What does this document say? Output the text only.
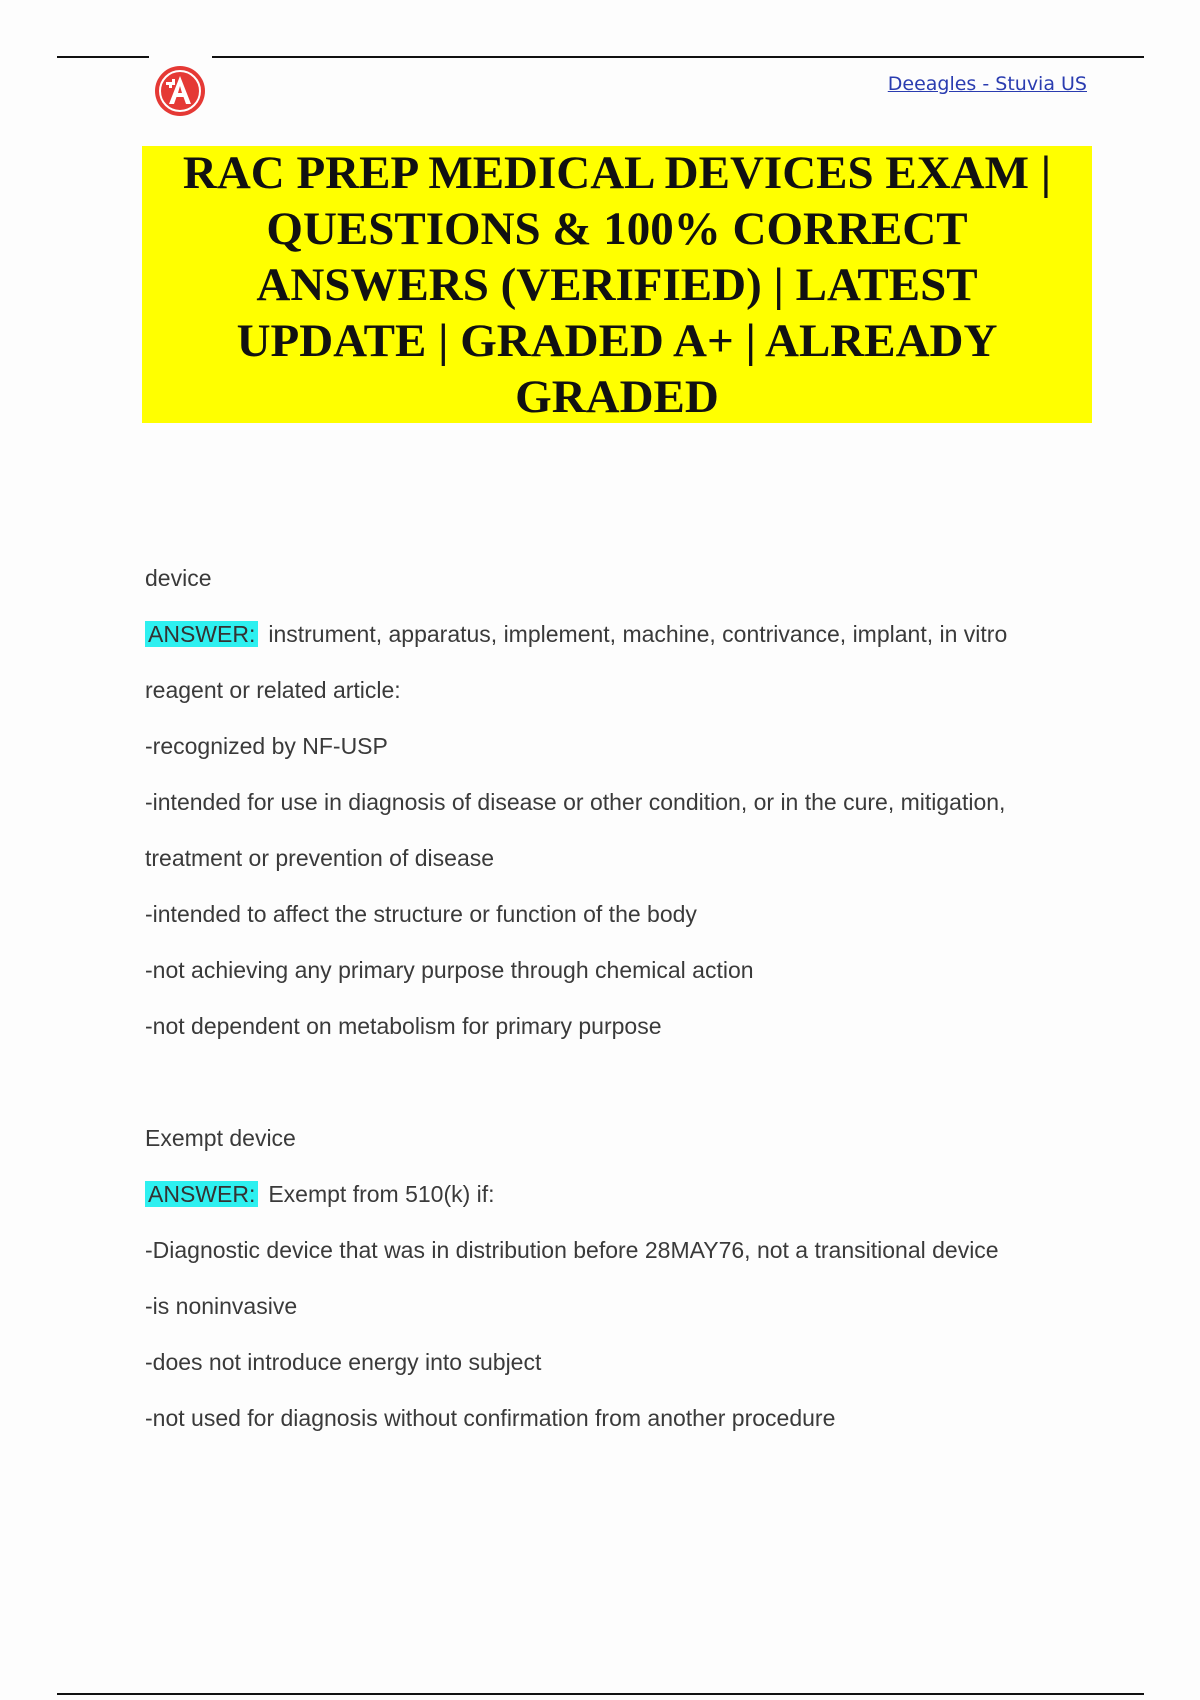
Deeagles - Stuvia US
RAC PREP MEDICAL DEVICES EXAM | QUESTIONS & 100% CORRECT ANSWERS (VERIFIED) | LATEST UPDATE | GRADED A+ | ALREADY GRADED
device
ANSWER: instrument, apparatus, implement, machine, contrivance, implant, in vitro
reagent or related article:
-recognized by NF-USP
-intended for use in diagnosis of disease or other condition, or in the cure, mitigation,
treatment or prevention of disease
-intended to affect the structure or function of the body
-not achieving any primary purpose through chemical action
-not dependent on metabolism for primary purpose
Exempt device
ANSWER: Exempt from 510(k) if:
-Diagnostic device that was in distribution before 28MAY76, not a transitional device
-is noninvasive
-does not introduce energy into subject
-not used for diagnosis without confirmation from another procedure
